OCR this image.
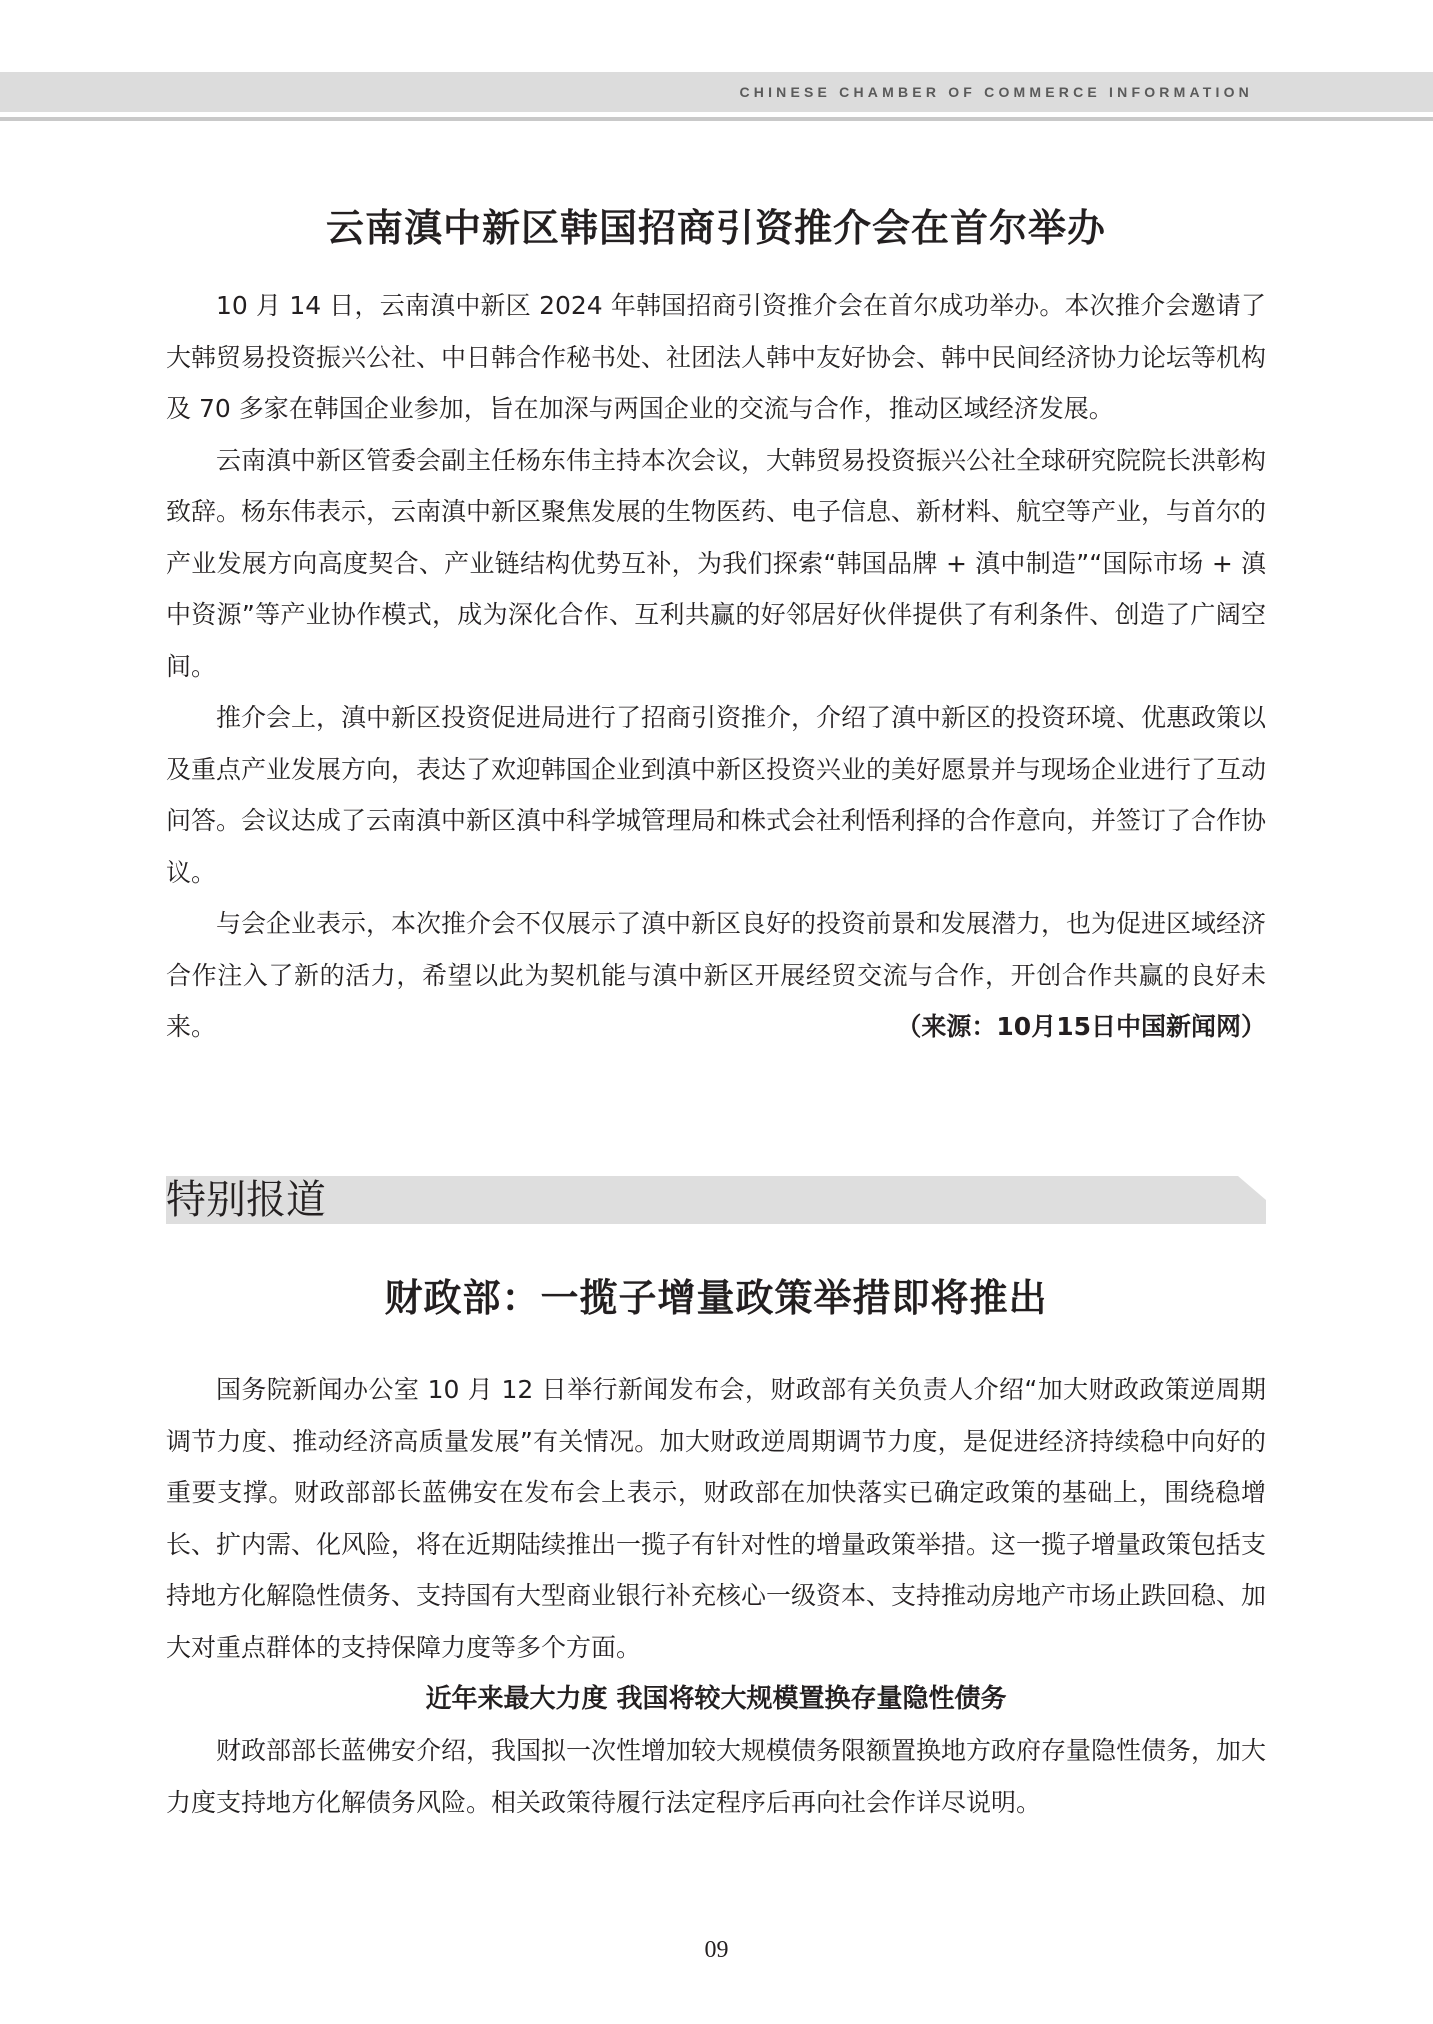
CHINESE CHAMBER OF COMMERCE INFORMATION
云南滇中新区韩国招商引资推介会在首尔举办

10 月 14 日，云南滇中新区 2024 年韩国招商引资推介会在首尔成功举办。本次推介会邀请了大韩贸易投资振兴公社、中日韩合作秘书处、社团法人韩中友好协会、韩中民间经济协力论坛等机构及 70 多家在韩国企业参加，旨在加深与两国企业的交流与合作，推动区域经济发展。

云南滇中新区管委会副主任杨东伟主持本次会议，大韩贸易投资振兴公社全球研究院院长洪彰构致辞。杨东伟表示，云南滇中新区聚焦发展的生物医药、电子信息、新材料、航空等产业，与首尔的产业发展方向高度契合、产业链结构优势互补，为我们探索“韩国品牌 + 滇中制造”“国际市场 + 滇中资源”等产业协作模式，成为深化合作、互利共赢的好邻居好伙伴提供了有利条件、创造了广阔空间。

推介会上，滇中新区投资促进局进行了招商引资推介，介绍了滇中新区的投资环境、优惠政策以及重点产业发展方向，表达了欢迎韩国企业到滇中新区投资兴业的美好愿景并与现场企业进行了互动问答。会议达成了云南滇中新区滇中科学城管理局和株式会社利悟利择的合作意向，并签订了合作协议。

与会企业表示，本次推介会不仅展示了滇中新区良好的投资前景和发展潜力，也为促进区域经济合作注入了新的活力，希望以此为契机能与滇中新区开展经贸交流与合作，开创合作共赢的良好未来。	（来源：10月15日中国新闻网）
特别报道
财政部：一揽子增量政策举措即将推出

国务院新闻办公室 10 月 12 日举行新闻发布会，财政部有关负责人介绍“加大财政政策逆周期调节力度、推动经济高质量发展”有关情况。加大财政逆周期调节力度，是促进经济持续稳中向好的重要支撑。财政部部长蓝佛安在发布会上表示，财政部在加快落实已确定政策的基础上，围绕稳增长、扩内需、化风险，将在近期陆续推出一揽子有针对性的增量政策举措。这一揽子增量政策包括支持地方化解隐性债务、支持国有大型商业银行补充核心一级资本、支持推动房地产市场止跌回稳、加大对重点群体的支持保障力度等多个方面。

近年来最大力度 我国将较大规模置换存量隐性债务

财政部部长蓝佛安介绍，我国拟一次性增加较大规模债务限额置换地方政府存量隐性债务，加大力度支持地方化解债务风险。相关政策待履行法定程序后再向社会作详尽说明。

09
